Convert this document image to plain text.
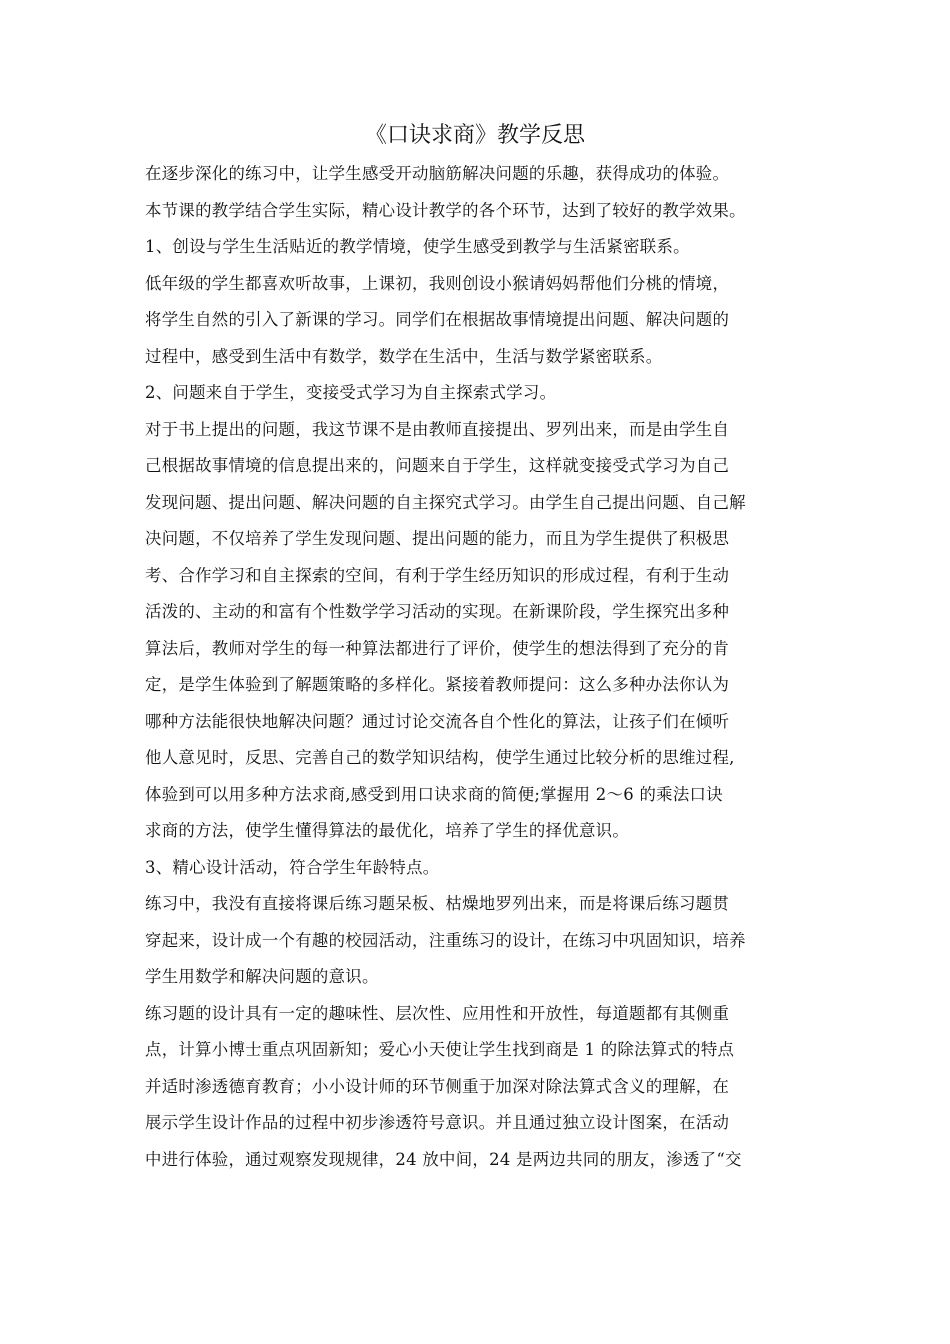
《口诀求商》教学反思
在逐步深化的练习中，让学生感受开动脑筋解决问题的乐趣，获得成功的体验。
本节课的教学结合学生实际，精心设计教学的各个环节，达到了较好的教学效果。
1、创设与学生生活贴近的教学情境，使学生感受到教学与生活紧密联系。
低年级的学生都喜欢听故事，上课初，我则创设小猴请妈妈帮他们分桃的情境，
将学生自然的引入了新课的学习。同学们在根据故事情境提出问题、解决问题的
过程中，感受到生活中有数学，数学在生活中，生活与数学紧密联系。
2、问题来自于学生，变接受式学习为自主探索式学习。
对于书上提出的问题，我这节课不是由教师直接提出、罗列出来，而是由学生自
己根据故事情境的信息提出来的，问题来自于学生，这样就变接受式学习为自己
发现问题、提出问题、解决问题的自主探究式学习。由学生自己提出问题、自己解
决问题，不仅培养了学生发现问题、提出问题的能力，而且为学生提供了积极思
考、合作学习和自主探索的空间，有利于学生经历知识的形成过程，有利于生动
活泼的、主动的和富有个性数学学习活动的实现。在新课阶段，学生探究出多种
算法后，教师对学生的每一种算法都进行了评价，使学生的想法得到了充分的肯
定，是学生体验到了解题策略的多样化。紧接着教师提问：这么多种办法你认为
哪种方法能很快地解决问题？通过讨论交流各自个性化的算法，让孩子们在倾听
他人意见时，反思、完善自己的数学知识结构，使学生通过比较分析的思维过程,
体验到可以用多种方法求商,感受到用口诀求商的简便;掌握用 2～6 的乘法口诀
求商的方法，使学生懂得算法的最优化，培养了学生的择优意识。
3、精心设计活动，符合学生年龄特点。
练习中，我没有直接将课后练习题呆板、枯燥地罗列出来，而是将课后练习题贯
穿起来，设计成一个有趣的校园活动，注重练习的设计，在练习中巩固知识，培养
学生用数学和解决问题的意识。
练习题的设计具有一定的趣味性、层次性、应用性和开放性，每道题都有其侧重
点，计算小博士重点巩固新知；爱心小天使让学生找到商是 1 的除法算式的特点
并适时渗透德育教育；小小设计师的环节侧重于加深对除法算式含义的理解，在
展示学生设计作品的过程中初步渗透符号意识。并且通过独立设计图案，在活动
中进行体验，通过观察发现规律，24 放中间，24 是两边共同的朋友，渗透了“交
